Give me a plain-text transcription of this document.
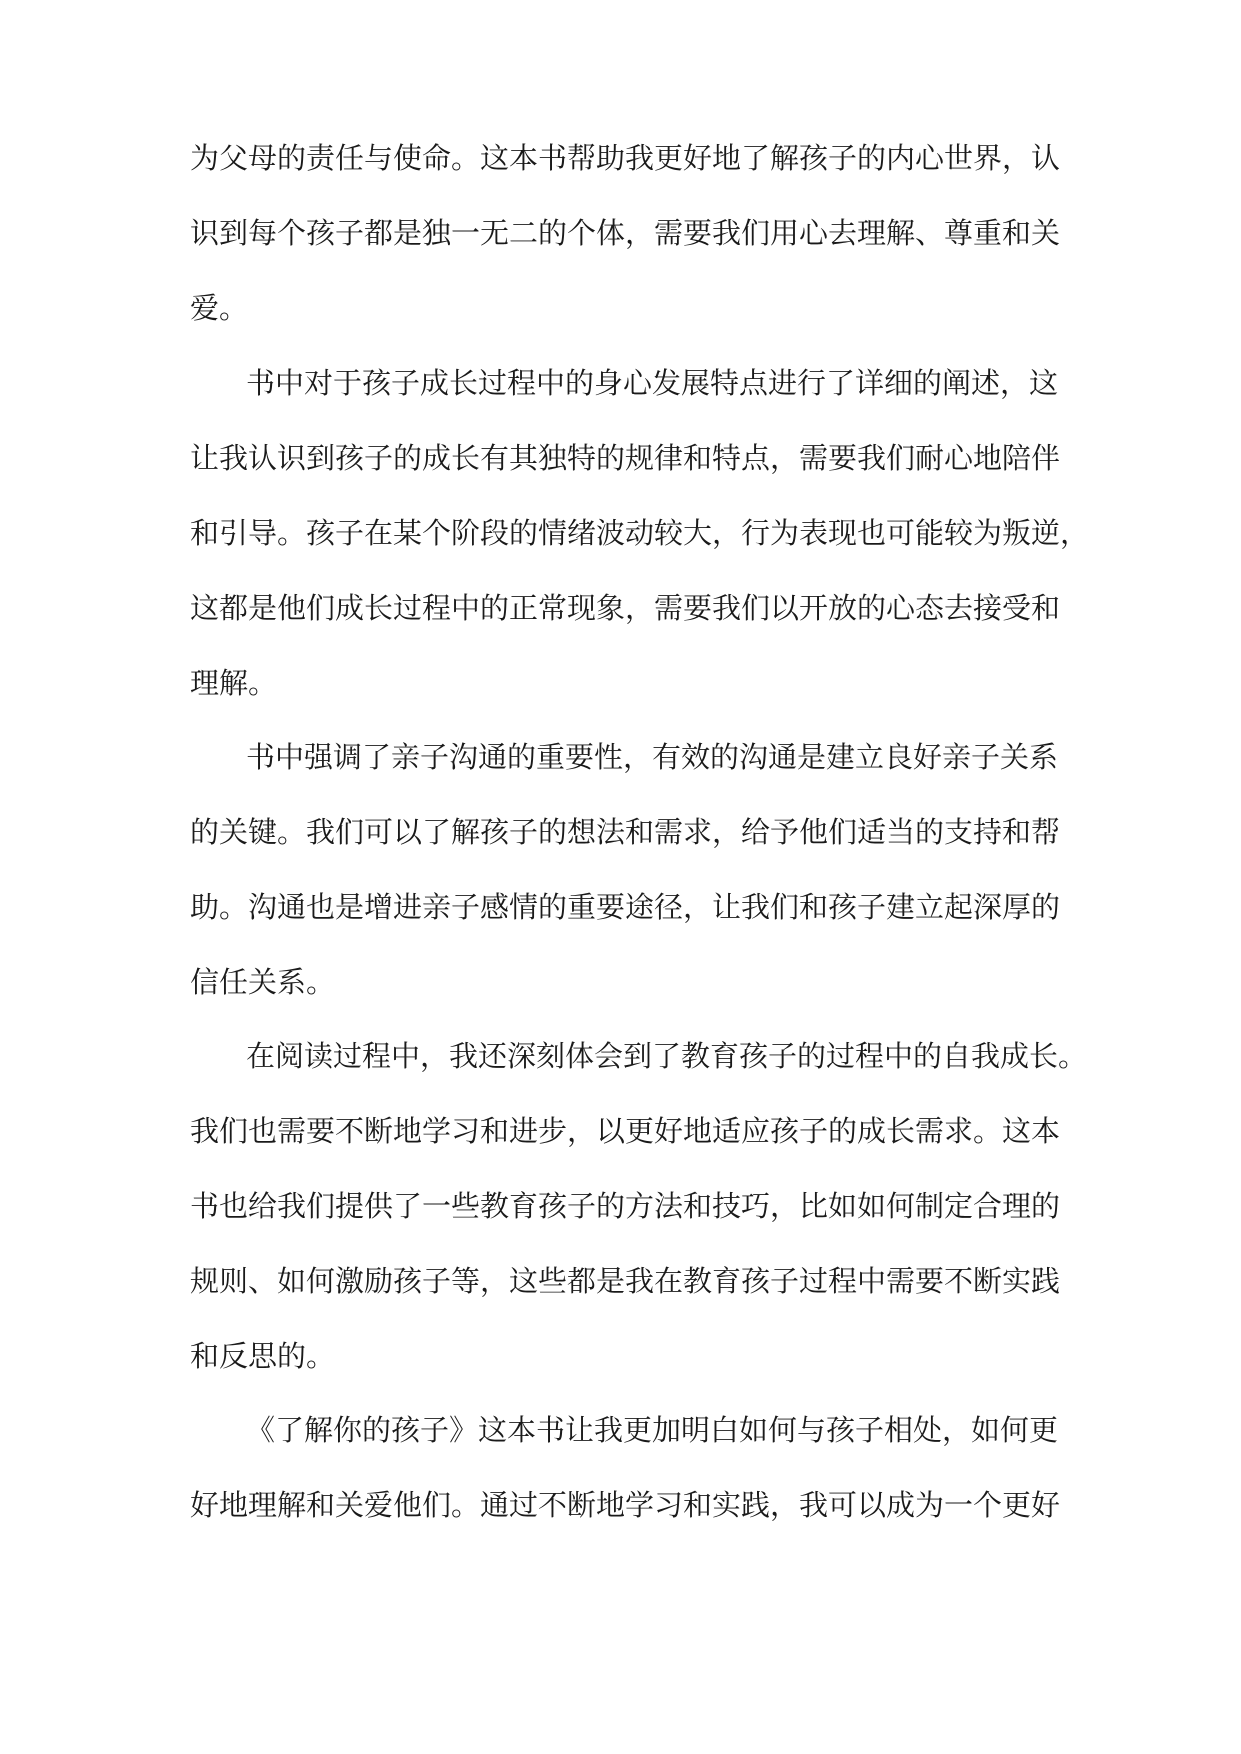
为父母的责任与使命。这本书帮助我更好地了解孩子的内心世界，认

识到每个孩子都是独一无二的个体，需要我们用心去理解、尊重和关

爱。

书中对于孩子成长过程中的身心发展特点进行了详细的阐述，这

让我认识到孩子的成长有其独特的规律和特点，需要我们耐心地陪伴

和引导。孩子在某个阶段的情绪波动较大，行为表现也可能较为叛逆，

这都是他们成长过程中的正常现象，需要我们以开放的心态去接受和

理解。

书中强调了亲子沟通的重要性，有效的沟通是建立良好亲子关系

的关键。我们可以了解孩子的想法和需求，给予他们适当的支持和帮

助。沟通也是增进亲子感情的重要途径，让我们和孩子建立起深厚的

信任关系。

在阅读过程中，我还深刻体会到了教育孩子的过程中的自我成长。

我们也需要不断地学习和进步，以更好地适应孩子的成长需求。这本

书也给我们提供了一些教育孩子的方法和技巧，比如如何制定合理的

规则、如何激励孩子等，这些都是我在教育孩子过程中需要不断实践

和反思的。

《了解你的孩子》这本书让我更加明白如何与孩子相处，如何更

好地理解和关爱他们。通过不断地学习和实践，我可以成为一个更好
